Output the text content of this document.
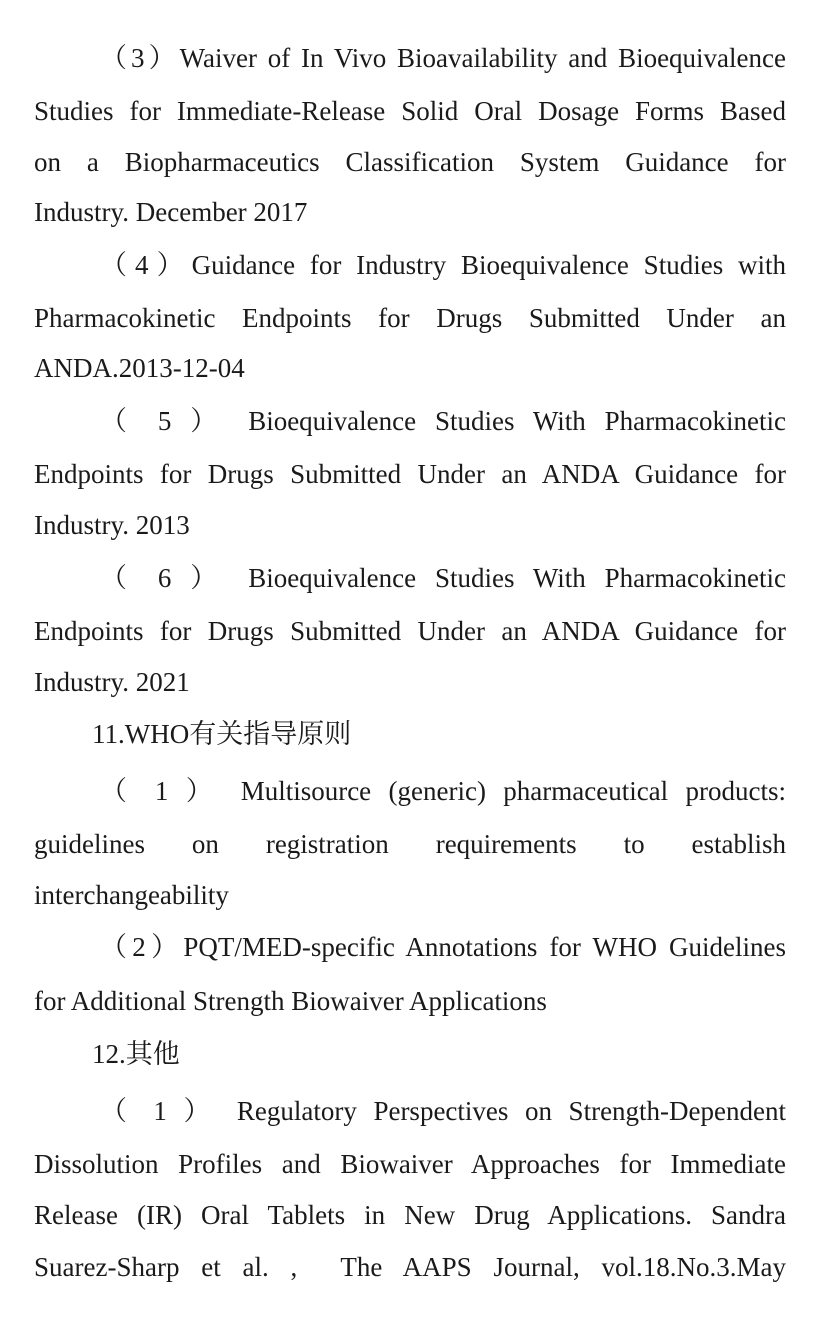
（3）Waiver of In Vivo Bioavailability and Bioequivalence
Studies for Immediate-Release Solid Oral Dosage Forms Based
on a Biopharmaceutics Classification System Guidance for
Industry. December 2017
（4）Guidance for Industry Bioequivalence Studies with
Pharmacokinetic Endpoints for Drugs Submitted Under an
ANDA.2013-12-04
（ 5 ） Bioequivalence Studies With Pharmacokinetic
Endpoints for Drugs Submitted Under an ANDA Guidance for
Industry. 2013
（ 6 ） Bioequivalence Studies With Pharmacokinetic
Endpoints for Drugs Submitted Under an ANDA Guidance for
Industry. 2021
11.WHO有关指导原则
（ 1 ） Multisource (generic) pharmaceutical products:
guidelines on registration requirements to establish
interchangeability
（2）PQT/MED-specific Annotations for WHO Guidelines
for Additional Strength Biowaiver Applications
12.其他
（ 1 ） Regulatory Perspectives on Strength-Dependent
Dissolution Profiles and Biowaiver Approaches for Immediate
Release (IR) Oral Tablets in New Drug Applications. Sandra
Suarez-Sharp et al. ,  The AAPS Journal, vol.18.No.3.May
